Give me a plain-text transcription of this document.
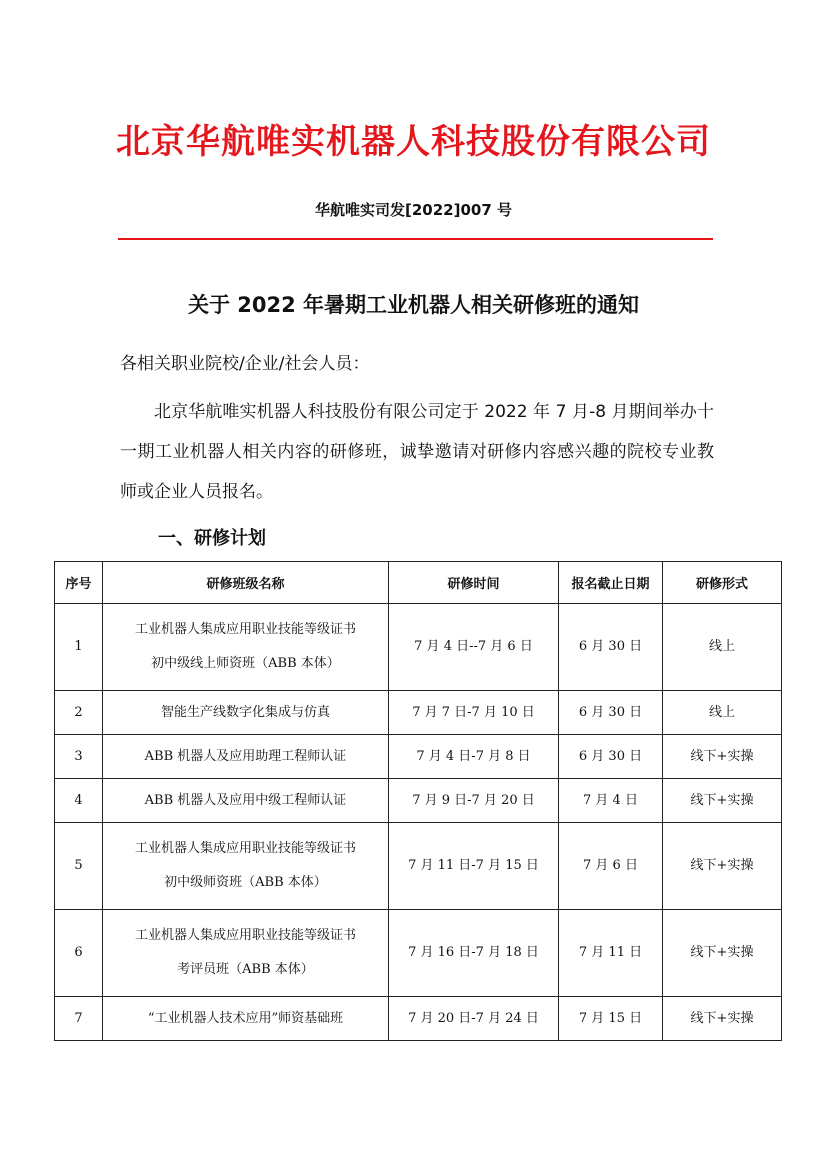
北京华航唯实机器人科技股份有限公司
华航唯实司发[2022]007 号
关于 2022 年暑期工业机器人相关研修班的通知
各相关职业院校/企业/社会人员：
北京华航唯实机器人科技股份有限公司定于 2022 年 7 月-8 月期间举办十一期工业机器人相关内容的研修班，诚挚邀请对研修内容感兴趣的院校专业教师或企业人员报名。
一、研修计划
序号	研修班级名称	研修时间	报名截止日期	研修形式
1	工业机器人集成应用职业技能等级证书
初中级线上师资班（ABB 本体）	7 月 4 日--7 月 6 日	6 月 30 日	线上
2	智能生产线数字化集成与仿真	7 月 7 日-7 月 10 日	6 月 30 日	线上
3	ABB 机器人及应用助理工程师认证	7 月 4 日-7 月 8 日	6 月 30 日	线下+实操
4	ABB 机器人及应用中级工程师认证	7 月 9 日-7 月 20 日	7 月 4 日	线下+实操
5	工业机器人集成应用职业技能等级证书
初中级师资班（ABB 本体）	7 月 11 日-7 月 15 日	7 月 6 日	线下+实操
6	工业机器人集成应用职业技能等级证书
考评员班（ABB 本体）	7 月 16 日-7 月 18 日	7 月 11 日	线下+实操
7	“工业机器人技术应用”师资基础班	7 月 20 日-7 月 24 日	7 月 15 日	线下+实操
